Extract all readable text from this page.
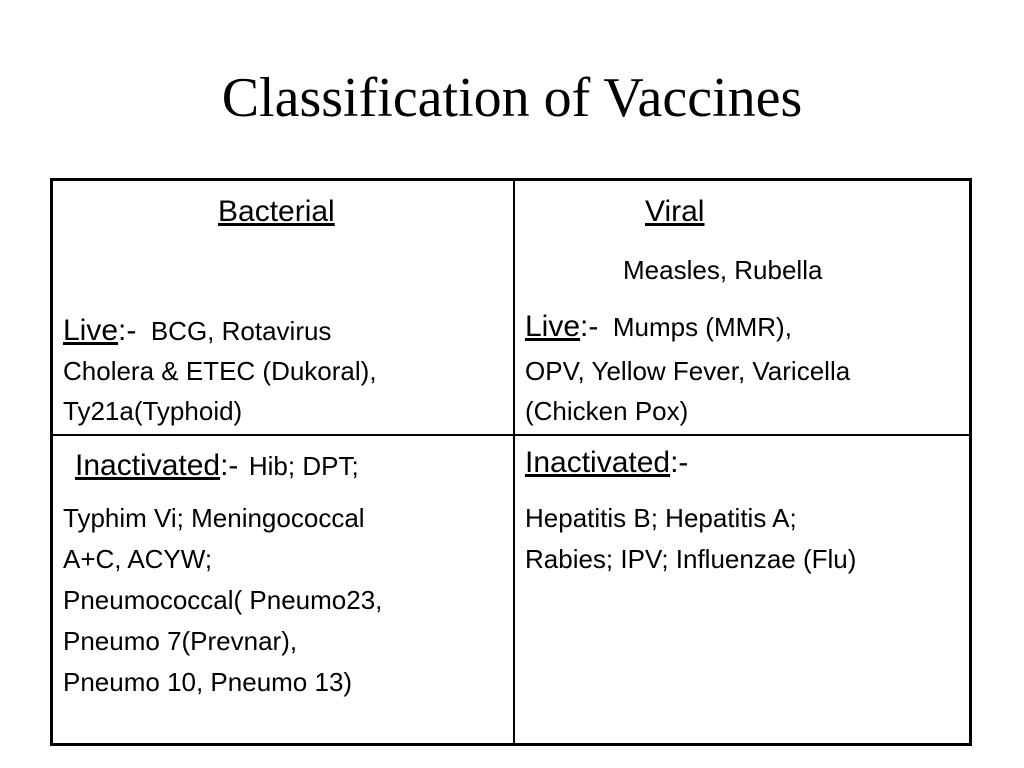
Classification of Vaccines
Bacterial
Live:- BCG, Rotavirus
Cholera & ETEC (Dukoral),
Ty21a(Typhoid)
Viral
Measles, Rubella
Live:- Mumps (MMR),
OPV, Yellow Fever, Varicella
(Chicken Pox)
Inactivated:- Hib; DPT;
Typhim Vi; Meningococcal
A+C, ACYW;
Pneumococcal( Pneumo23,
Pneumo 7(Prevnar),
Pneumo 10, Pneumo 13)
Inactivated:-
Hepatitis B; Hepatitis A;
Rabies; IPV; Influenzae (Flu)
